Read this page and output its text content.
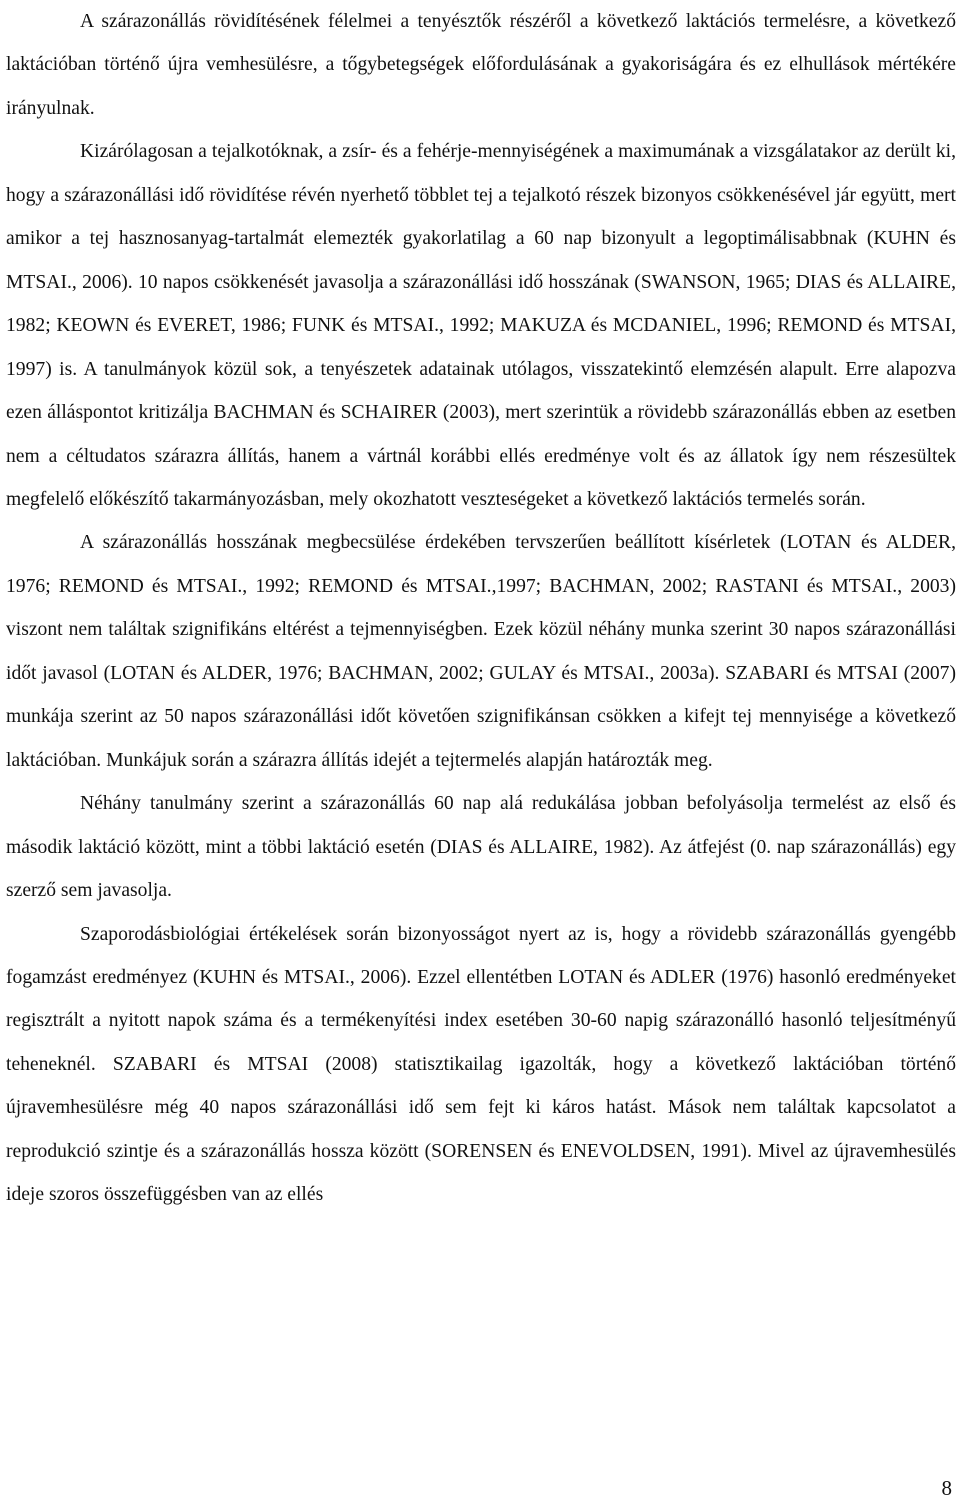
A szárazonállás rövidítésének félelmei a tenyésztők részéről a következő laktációs termelésre, a következő laktációban történő újra vemhesülésre, a tőgybetegségek előfordulásának a gyakoriságára és ez elhullások mértékére irányulnak.

Kizárólagosan a tejalkotóknak, a zsír- és a fehérje-mennyiségének a maximumának a vizsgálatakor az derült ki, hogy a szárazonállási idő rövidítése révén nyerhető többlet tej a tejalkotó részek bizonyos csökkenésével jár együtt, mert amikor a tej hasznosanyag-tartalmát elemezték gyakorlatilag a 60 nap bizonyult a legoptimálisabbnak (KUHN és MTSAI., 2006). 10 napos csökkenését javasolja a szárazonállási idő hosszának (SWANSON, 1965; DIAS és ALLAIRE, 1982; KEOWN és EVERET, 1986; FUNK és MTSAI., 1992; MAKUZA és MCDANIEL, 1996; REMOND és MTSAI, 1997) is. A tanulmányok közül sok, a tenyészetek adatainak utólagos, visszatekintő elemzésén alapult. Erre alapozva ezen álláspontot kritizálja BACHMAN és SCHAIRER (2003), mert szerintük a rövidebb szárazonállás ebben az esetben nem a céltudatos szárazra állítás, hanem a vártnál korábbi ellés eredménye volt és az állatok így nem részesültek megfelelő előkészítő takarmányozásban, mely okozhatott veszteségeket a következő laktációs termelés során.

A szárazonállás hosszának megbecsülése érdekében tervszerűen beállított kísérletek (LOTAN és ALDER, 1976; REMOND és MTSAI., 1992; REMOND és MTSAI.,1997; BACHMAN, 2002; RASTANI és MTSAI., 2003) viszont nem találtak szignifikáns eltérést a tejmennyiségben. Ezek közül néhány munka szerint 30 napos szárazonállási időt javasol (LOTAN és ALDER, 1976; BACHMAN, 2002; GULAY és MTSAI., 2003a). SZABARI és MTSAI (2007) munkája szerint az 50 napos szárazonállási időt követően szignifikánsan csökken a kifejt tej mennyisége a következő laktációban. Munkájuk során a szárazra állítás idejét a tejtermelés alapján határozták meg.

Néhány tanulmány szerint a szárazonállás 60 nap alá redukálása jobban befolyásolja termelést az első és második laktáció között, mint a többi laktáció esetén (DIAS és ALLAIRE, 1982). Az átfejést (0. nap szárazonállás) egy szerző sem javasolja.

Szaporodásbiológiai értékelések során bizonyosságot nyert az is, hogy a rövidebb szárazonállás gyengébb fogamzást eredményez (KUHN és MTSAI., 2006). Ezzel ellentétben LOTAN és ADLER (1976) hasonló eredményeket regisztrált a nyitott napok száma és a termékenyítési index esetében 30-60 napig szárazonálló hasonló teljesítményű teheneknél. SZABARI és MTSAI (2008) statisztikailag igazolták, hogy a következő laktációban történő újravemhesülésre még 40 napos szárazonállási idő sem fejt ki káros hatást. Mások nem találtak kapcsolatot a reprodukció szintje és a szárazonállás hossza között (SORENSEN és ENEVOLDSEN, 1991). Mivel az újravemhesülés ideje szoros összefüggésben van az ellés

8
